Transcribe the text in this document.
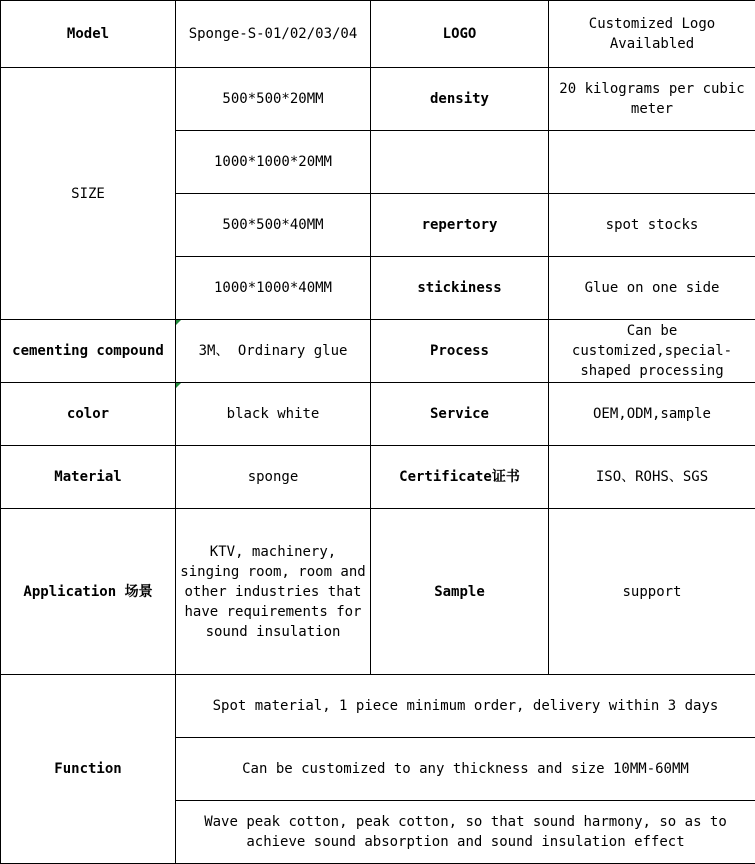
Model	Sponge-S-01/02/03/04	LOGO	Customized Logo Availabled
SIZE	500*500*20MM	density	20 kilograms per cubic meter
	1000*1000*20MM		
	500*500*40MM	repertory	spot stocks
	1000*1000*40MM	stickiness	Glue on one side
cementing compound	3M、 Ordinary glue	Process	Can be customized,special-shaped processing
color	black white	Service	OEM,ODM,sample
Material	sponge	Certificate证书	ISO、ROHS、SGS
Application 场景	KTV, machinery, singing room, room and other industries that have requirements for sound insulation	Sample	support
Function	Spot material, 1 piece minimum order, delivery within 3 days		
	Can be customized to any thickness and size 10MM-60MM		
	Wave peak cotton, peak cotton, so that sound harmony, so as to achieve sound absorption and sound insulation effect		
